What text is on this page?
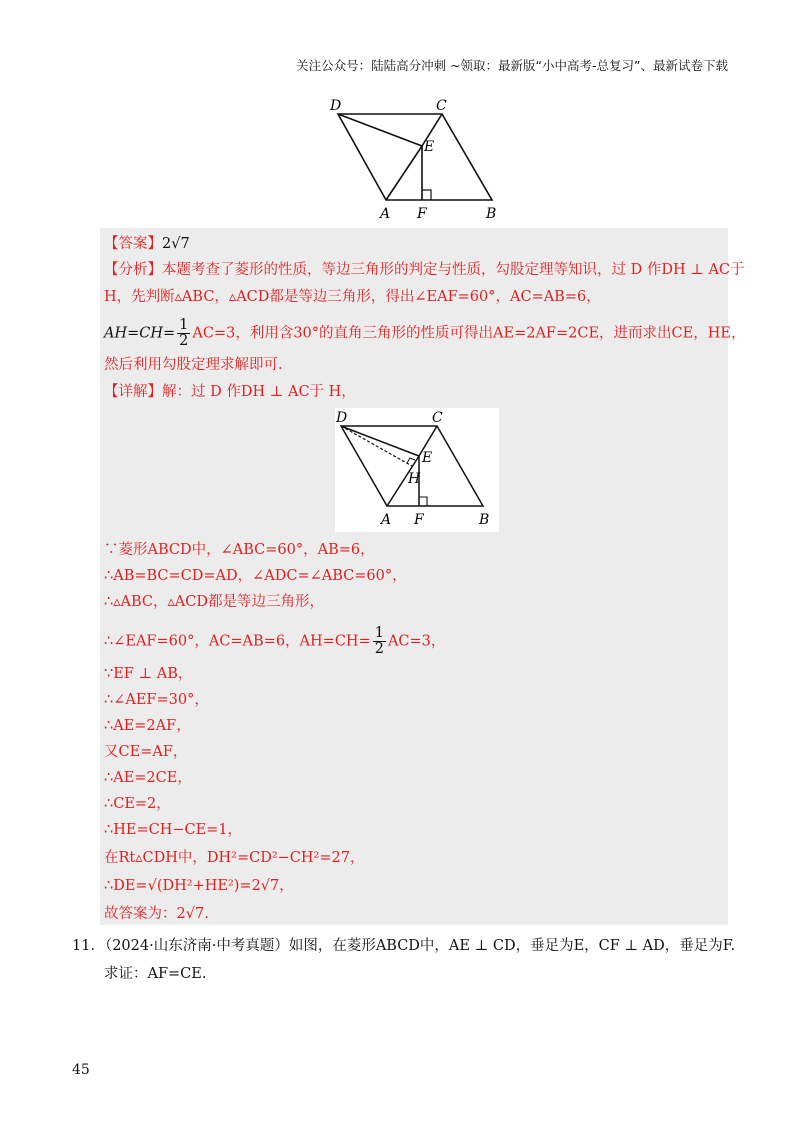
关注公众号：陆陆高分冲刺 ~领取：最新版“小中高考-总复习”、最新试卷下载
D	C
E
A F	B
【答案】2√7
【分析】本题考查了菱形的性质，等边三角形的判定与性质，勾股定理等知识，过 D 作DH ⊥ AC于
H，先判断▵ABC，▵ACD都是等边三角形，得出∠EAF=60°，AC=AB=6，
$AH=CH= \frac{1}{2} AC=3$，利用含30°的直角三角形的性质可得出AE=2AF=2CE，进而求出CE，HE，
然后利用勾股定理求解即可.
【详解】解：过 D 作DH ⊥ AC于 H，
D	C
E
H
A F	B
∵菱形ABCD中，∠ABC=60°，AB=6，
∴AB=BC=CD=AD，∠ADC=∠ABC=60°，
∴▵ABC，▵ACD都是等边三角形，
∴∠EAF=60°，AC=AB=6，$AH=CH= \frac{1}{2} AC=3$，
∵EF ⊥ AB，
∴∠AEF=30°，
∴AE=2AF，
又CE=AF，
∴AE=2CE，
∴CE=2，
∴HE=CH−CE=1，
在Rt▵CDH中，DH²=CD²−CH²=27，
∴DE=√(DH²+HE²)=2√7，
故答案为：2√7.
11．（2024·山东济南·中考真题）如图，在菱形ABCD中，AE ⊥ CD，垂足为E，CF ⊥ AD，垂足为F.
求证：AF=CE.
45
